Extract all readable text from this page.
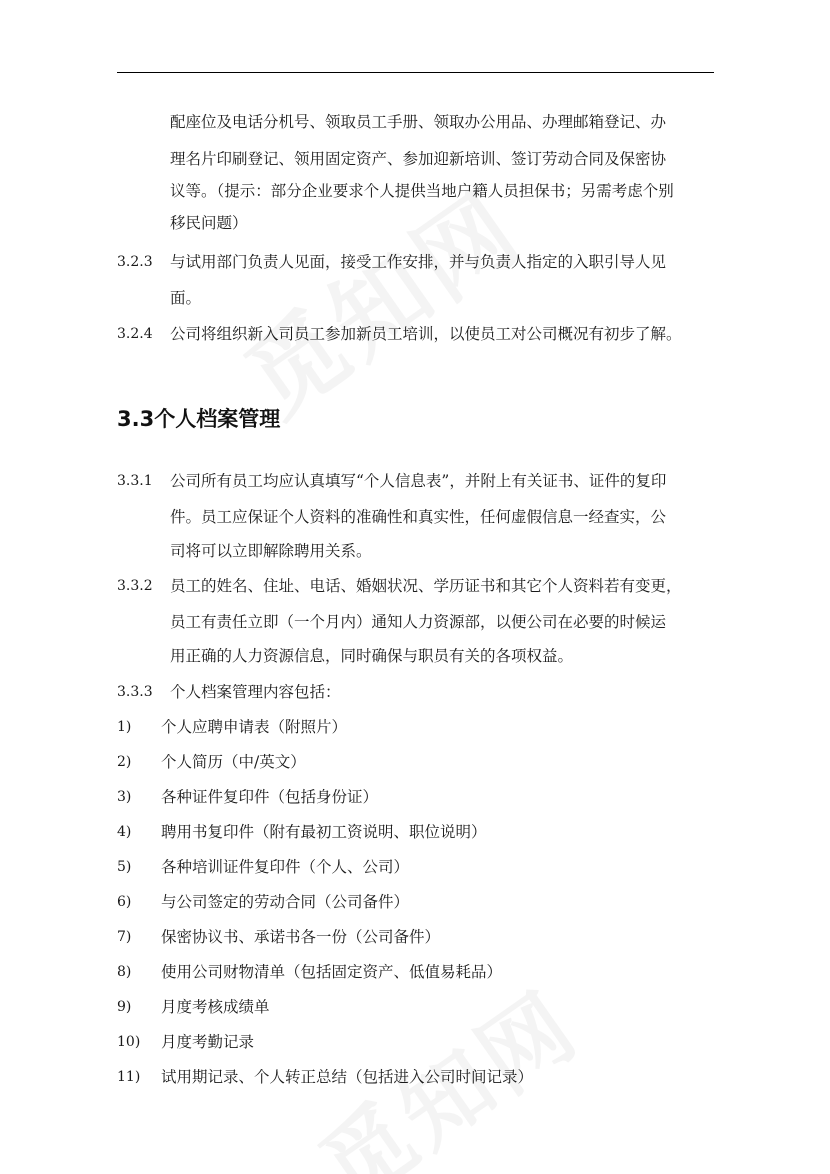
配座位及电话分机号、领取员工手册、领取办公用品、办理邮箱登记、办
理名片印刷登记、领用固定资产、参加迎新培训、签订劳动合同及保密协
议等。（提示：部分企业要求个人提供当地户籍人员担保书；另需考虑个别
移民问题）
3.2.3 与试用部门负责人见面，接受工作安排，并与负责人指定的入职引导人见
面。
3.2.4 公司将组织新入司员工参加新员工培训，以使员工对公司概况有初步了解。
3.3个人档案管理
3.3.1 公司所有员工均应认真填写“个人信息表”，并附上有关证书、证件的复印
件。员工应保证个人资料的准确性和真实性，任何虚假信息一经查实，公
司将可以立即解除聘用关系。
3.3.2 员工的姓名、住址、电话、婚姻状况、学历证书和其它个人资料若有变更，
员工有责任立即（一个月内）通知人力资源部，以便公司在必要的时候运
用正确的人力资源信息，同时确保与职员有关的各项权益。
3.3.3 个人档案管理内容包括：
1) 个人应聘申请表（附照片）
2) 个人简历（中/英文）
3) 各种证件复印件（包括身份证）
4) 聘用书复印件（附有最初工资说明、职位说明）
5) 各种培训证件复印件（个人、公司）
6) 与公司签定的劳动合同（公司备件）
7) 保密协议书、承诺书各一份（公司备件）
8) 使用公司财物清单（包括固定资产、低值易耗品）
9) 月度考核成绩单
10) 月度考勤记录
11) 试用期记录、个人转正总结（包括进入公司时间记录）
